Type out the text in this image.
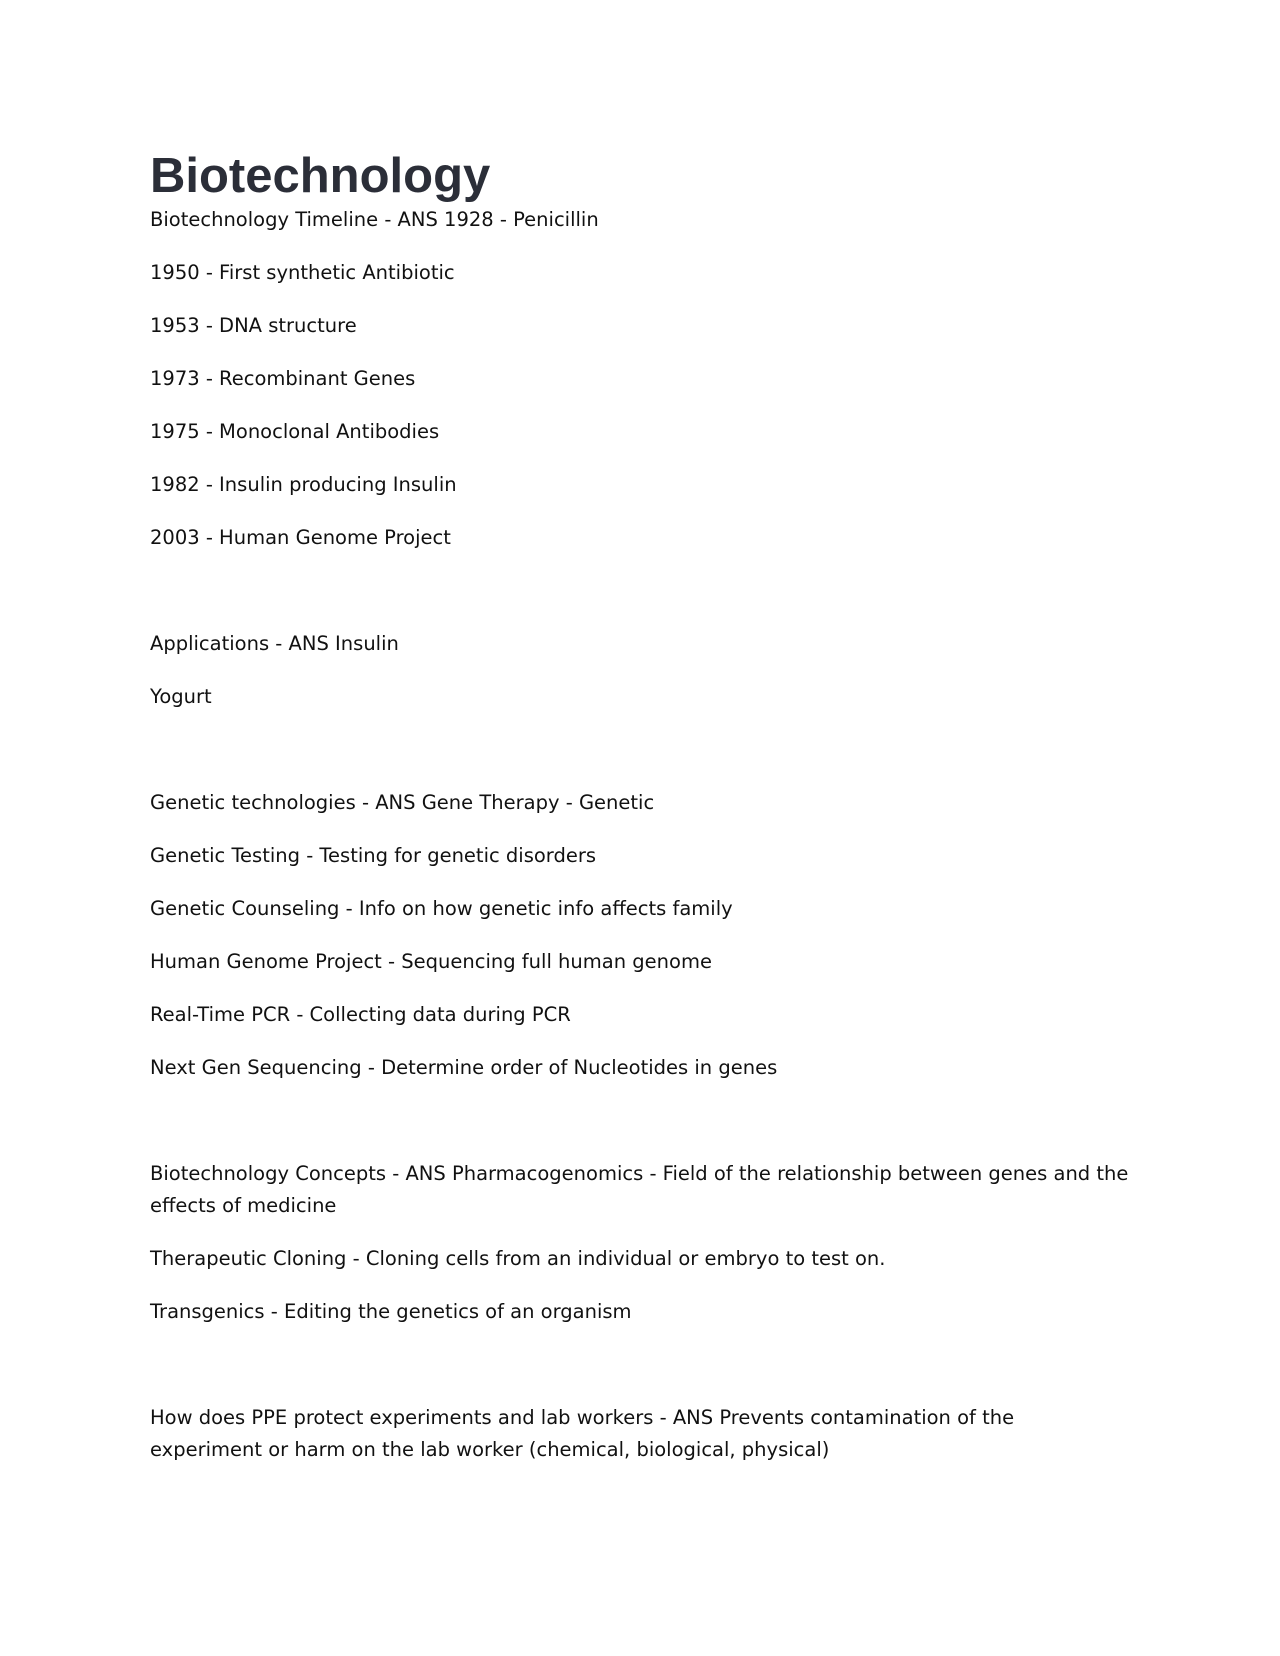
Biotechnology

Biotechnology Timeline - ANS 1928 - Penicillin

1950 - First synthetic Antibiotic

1953 - DNA structure

1973 - Recombinant Genes

1975 - Monoclonal Antibodies

1982 - Insulin producing Insulin

2003 - Human Genome Project

Applications - ANS Insulin

Yogurt

Genetic technologies - ANS Gene Therapy - Genetic

Genetic Testing - Testing for genetic disorders

Genetic Counseling - Info on how genetic info affects family

Human Genome Project - Sequencing full human genome

Real-Time PCR - Collecting data during PCR

Next Gen Sequencing - Determine order of Nucleotides in genes

Biotechnology Concepts - ANS Pharmacogenomics - Field of the relationship between genes and the effects of medicine

Therapeutic Cloning - Cloning cells from an individual or embryo to test on.

Transgenics - Editing the genetics of an organism

How does PPE protect experiments and lab workers - ANS Prevents contamination of the experiment or harm on the lab worker (chemical, biological, physical)
